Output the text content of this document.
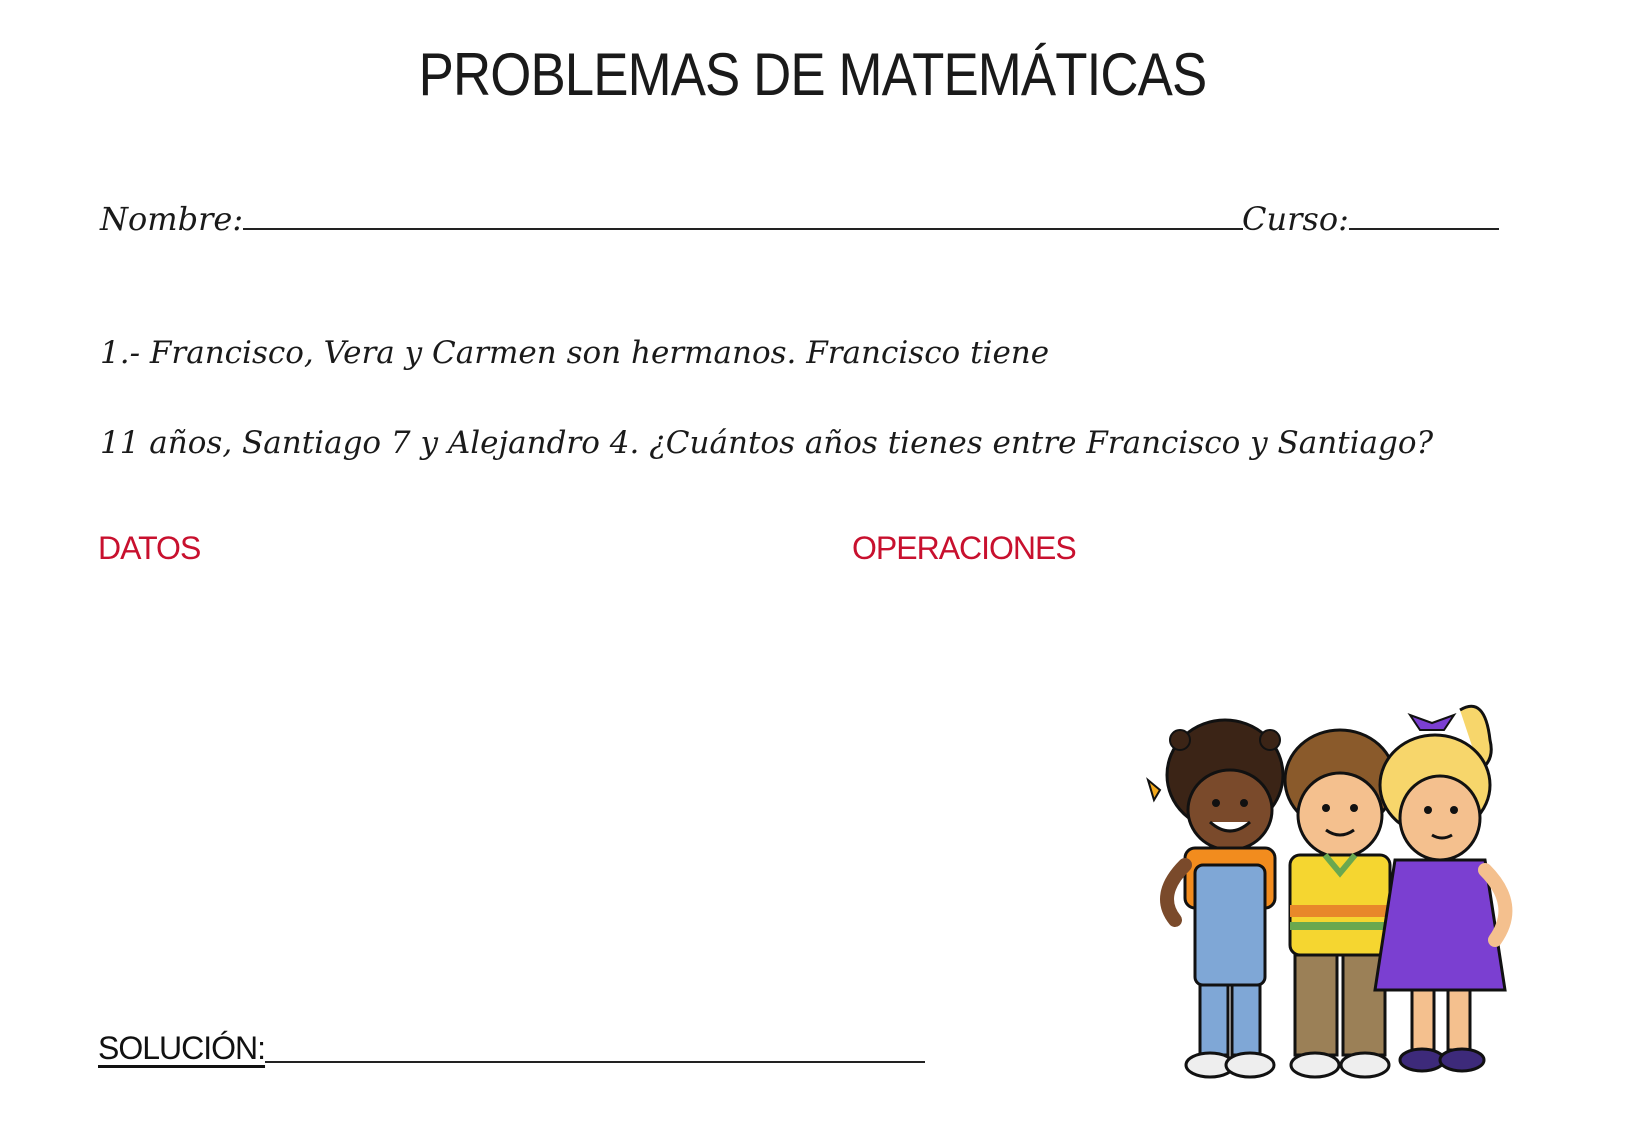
PROBLEMAS DE MATEMÁTICAS
Nombre:	Curso:
1.- Francisco, Vera y Carmen son hermanos. Francisco tiene
11 años, Santiago 7 y Alejandro 4. ¿Cuántos años tienes entre Francisco y Santiago?
DATOS	OPERACIONES
SOLUCIÓN:
